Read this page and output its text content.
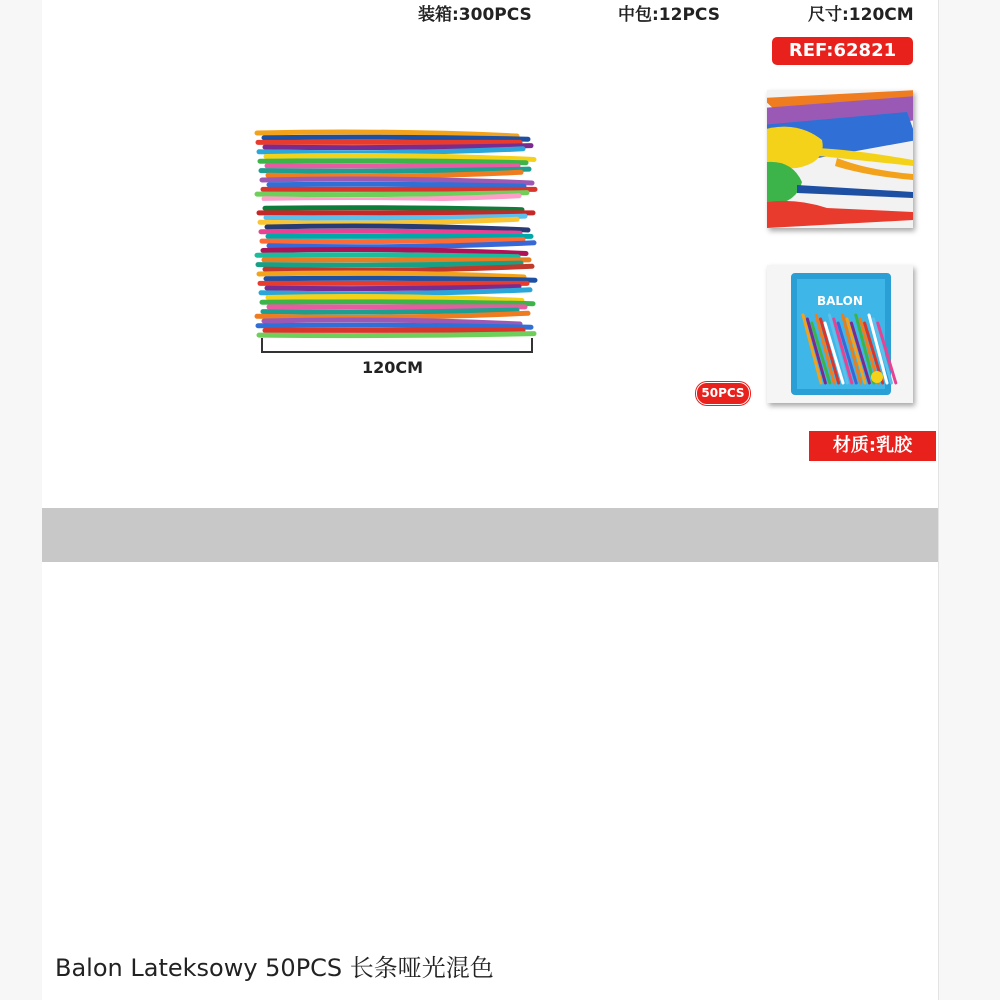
装箱:300PCS	中包:12PCS	尺寸:120CM
REF:62821
120CM
BALON
50PCS
材质:乳胶
Balon Lateksowy 50PCS 长条哑光混色
